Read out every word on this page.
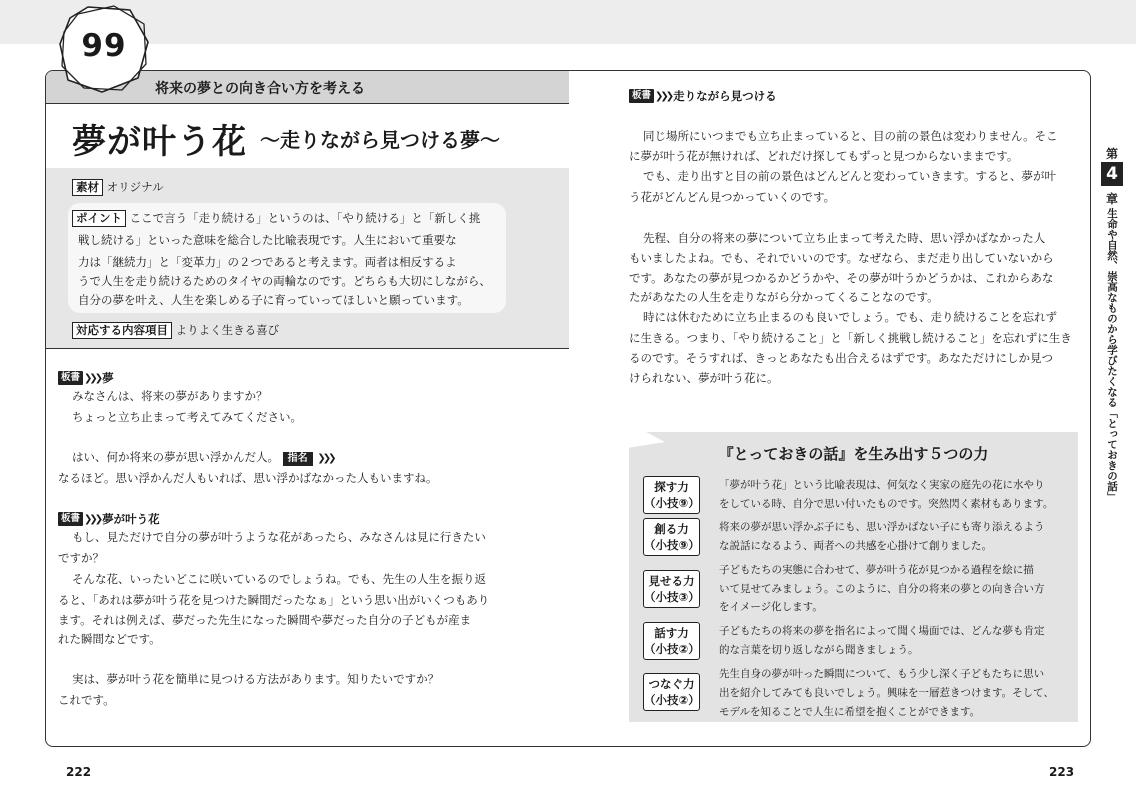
将来の夢との向き合い方を考える
99
夢が叶う花 ～走りながら見つける夢～
素材 オリジナル
ポイント ここで言う「走り続ける」というのは、「やり続ける」と「新しく挑
戦し続ける」といった意味を総合した比喩表現です。人生において重要な
力は「継続力」と「変革力」の２つであると考えます。両者は相反するよ
うで人生を走り続けるためのタイヤの両輪なのです。どちらも大切にしながら、
自分の夢を叶え、人生を楽しめる子に育っていってほしいと願っています。
対応する内容項目 よりよく生きる喜び
板書 ❯❯❯ 夢
みなさんは、将来の夢がありますか？
ちょっと立ち止まって考えてみてください。
はい、何か将来の夢が思い浮かんだ人。 指名 ❯❯❯
なるほど。思い浮かんだ人もいれば、思い浮かばなかった人もいますね。
板書 ❯❯❯ 夢が叶う花
もし、見ただけで自分の夢が叶うような花があったら、みなさんは見に行きたい
ですか？
そんな花、いったいどこに咲いているのでしょうね。でも、先生の人生を振り返
ると、「あれは夢が叶う花を見つけた瞬間だったなぁ」という思い出がいくつもあり
ます。それは例えば、夢だった先生になった瞬間や夢だった自分の子どもが産ま
れた瞬間などです。
実は、夢が叶う花を簡単に見つける方法があります。知りたいですか？
これです。
板書 ❯❯❯ 走りながら見つける
同じ場所にいつまでも立ち止まっていると、目の前の景色は変わりません。そこ
に夢が叶う花が無ければ、どれだけ探してもずっと見つからないままです。
でも、走り出すと目の前の景色はどんどんと変わっていきます。すると、夢が叶
う花がどんどん見つかっていくのです。
先程、自分の将来の夢について立ち止まって考えた時、思い浮かばなかった人
もいましたよね。でも、それでいいのです。なぜなら、まだ走り出していないから
です。あなたの夢が見つかるかどうかや、その夢が叶うかどうかは、これからあな
たがあなたの人生を走りながら分かってくることなのです。
時には休むために立ち止まるのも良いでしょう。でも、走り続けることを忘れず
に生きる。つまり、「やり続けること」と「新しく挑戦し続けること」を忘れずに生き
るのです。そうすれば、きっとあなたも出合えるはずです。あなただけにしか見つ
けられない、夢が叶う花に。
『とっておきの話』を生み出す５つの力
探す力
（小技⑨）
「夢が叶う花」という比喩表現は、何気なく実家の庭先の花に水やり
をしている時、自分で思い付いたものです。突然閃く素材もあります。
創る力
（小技⑨）
将来の夢が思い浮かぶ子にも、思い浮かばない子にも寄り添えるよう
な説話になるよう、両者への共感を心掛けて創りました。
見せる力
（小技③）
子どもたちの実態に合わせて、夢が叶う花が見つかる過程を絵に描
いて見せてみましょう。このように、自分の将来の夢との向き合い方
をイメージ化します。
話す力
（小技②）
子どもたちの将来の夢を指名によって聞く場面では、どんな夢も肯定
的な言葉を切り返しながら聞きましょう。
つなぐ力
（小技②）
先生自身の夢が叶った瞬間について、もう少し深く子どもたちに思い
出を紹介してみても良いでしょう。興味を一層惹きつけます。そして、
モデルを知ることで人生に希望を抱くことができます。
第
4
章
生命や自然、崇高なものから学びたくなる「とっておきの話」
222	223
